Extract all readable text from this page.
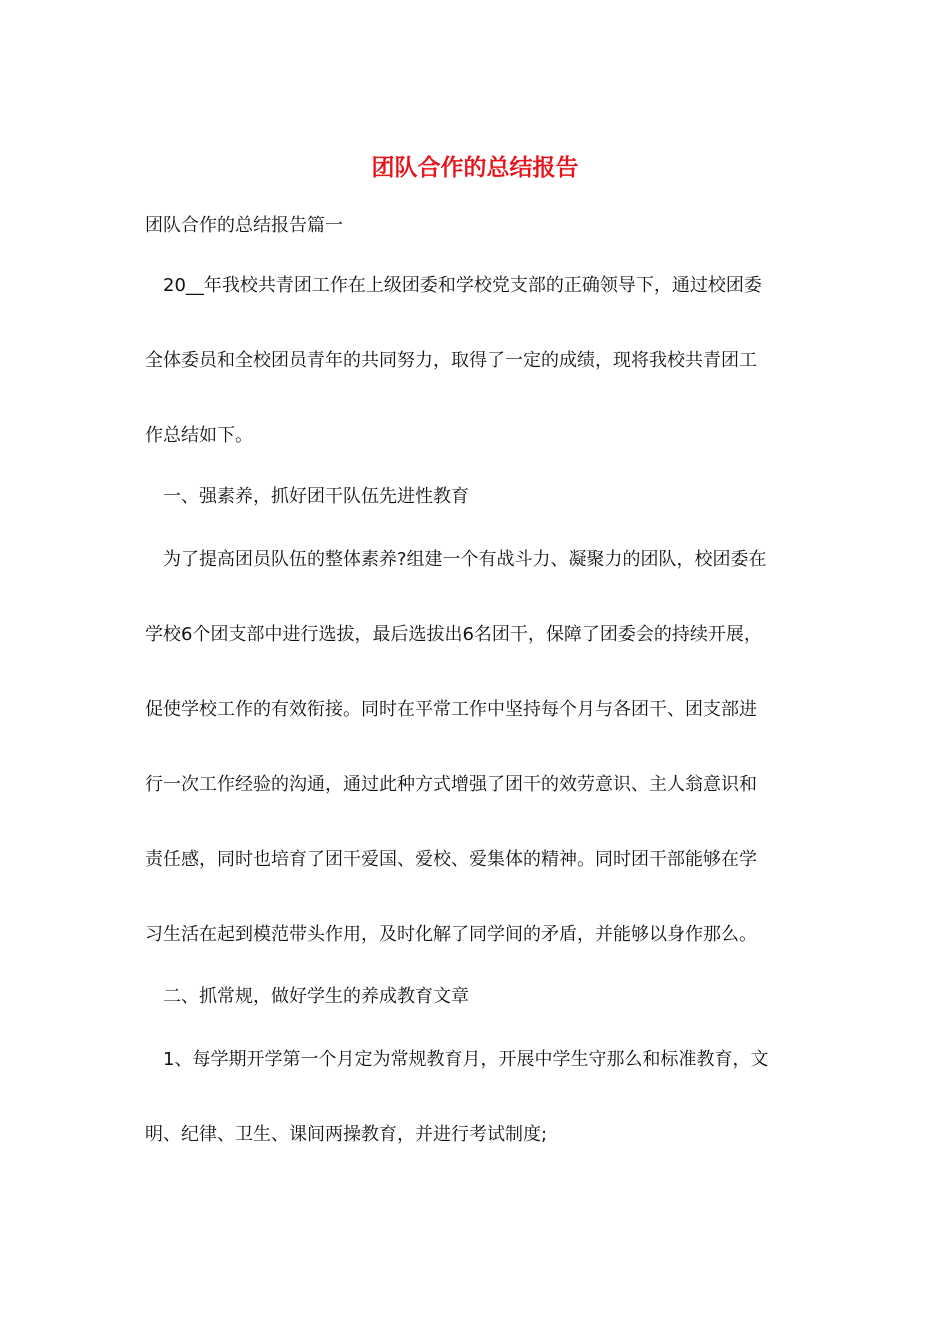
团队合作的总结报告

团队合作的总结报告篇一

20__年我校共青团工作在上级团委和学校党支部的正确领导下，通过校团委

全体委员和全校团员青年的共同努力，取得了一定的成绩，现将我校共青团工

作总结如下。

一、强素养，抓好团干队伍先进性教育

为了提高团员队伍的整体素养?组建一个有战斗力、凝聚力的团队，校团委在

学校6个团支部中进行选拔，最后选拔出6名团干，保障了团委会的持续开展，

促使学校工作的有效衔接。同时在平常工作中坚持每个月与各团干、团支部进

行一次工作经验的沟通，通过此种方式增强了团干的效劳意识、主人翁意识和

责任感，同时也培育了团干爱国、爱校、爱集体的精神。同时团干部能够在学

习生活在起到模范带头作用，及时化解了同学间的矛盾，并能够以身作那么。

二、抓常规，做好学生的养成教育文章

1、每学期开学第一个月定为常规教育月，开展中学生守那么和标准教育，文

明、纪律、卫生、课间两操教育，并进行考试制度;
